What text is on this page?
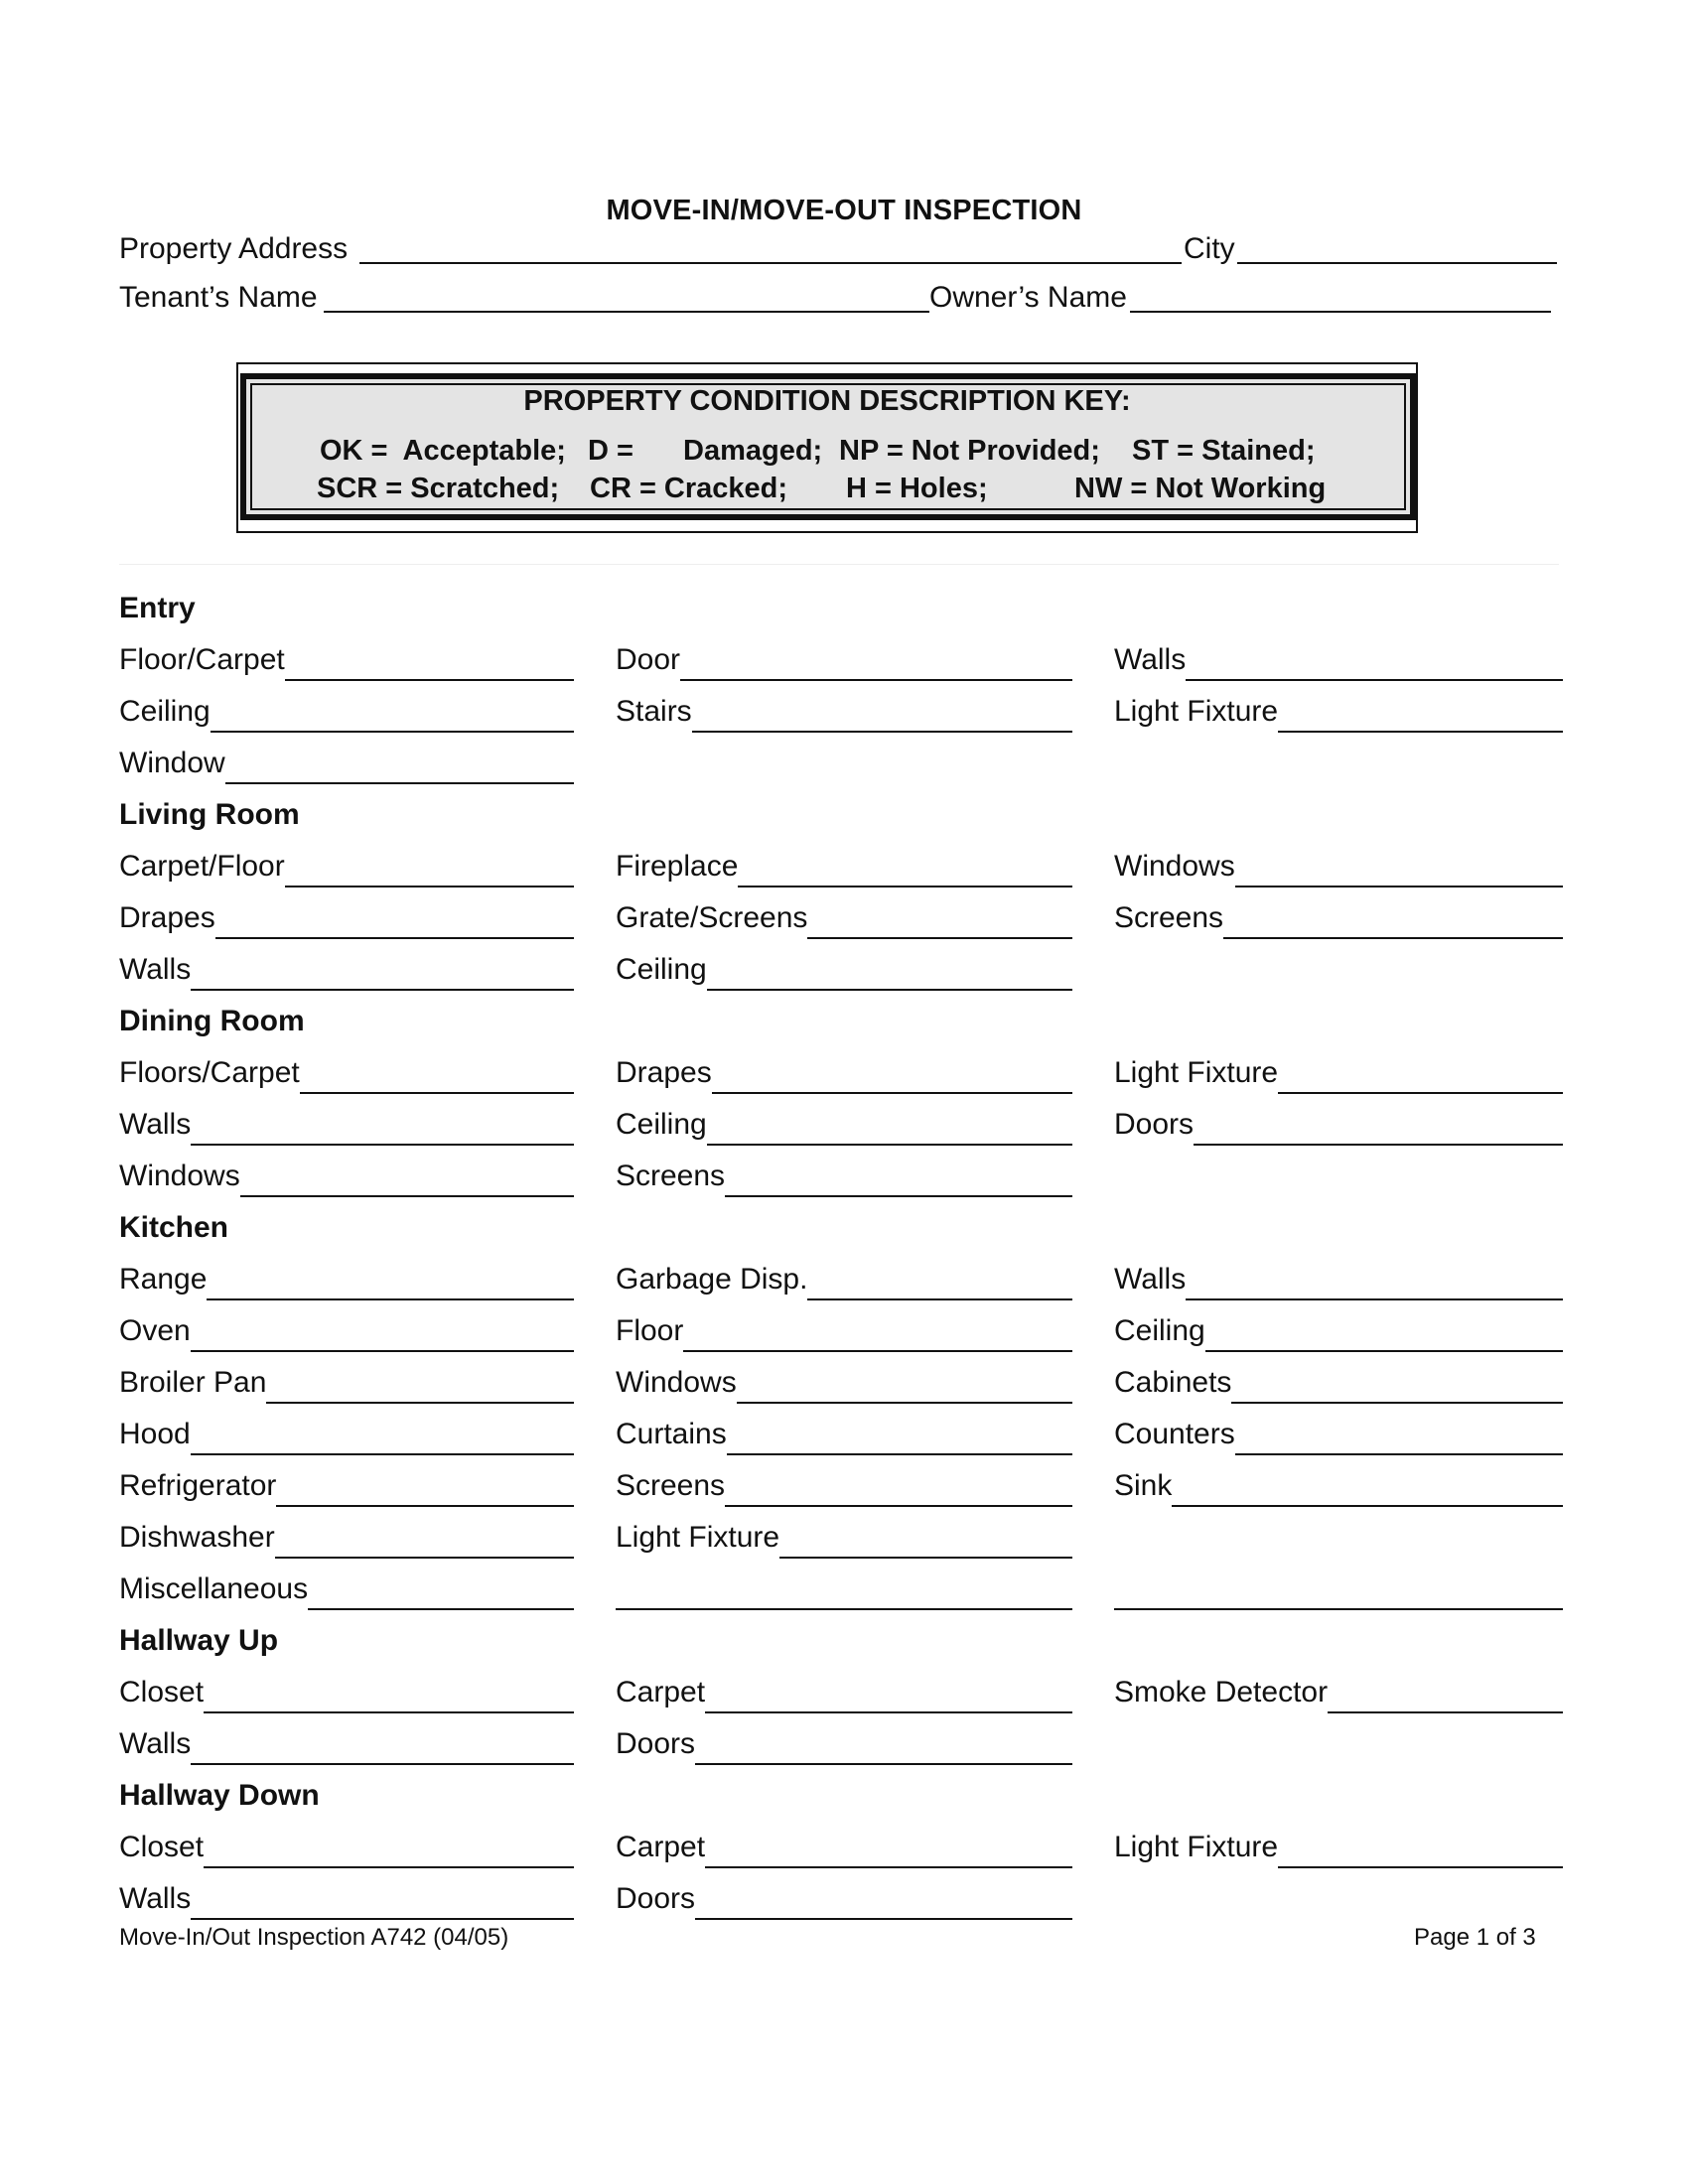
MOVE-IN/MOVE-OUT INSPECTION
Property Address	City
Tenant’s Name	Owner’s Name
PROPERTY CONDITION DESCRIPTION KEY:
OK =  Acceptable; D = Damaged; NP = Not Provided; ST = Stained;
SCR = Scratched; CR = Cracked; H = Holes;	NW = Not Working
Entry
Floor/Carpet	Door	Walls
Ceiling	Stairs	Light Fixture
Window
Living Room
Carpet/Floor	Fireplace	Windows
Drapes	Grate/Screens	Screens
Walls	Ceiling
Dining Room
Floors/Carpet	Drapes	Light Fixture
Walls	Ceiling	Doors
Windows	Screens
Kitchen
Range	Garbage Disp.	Walls
Oven	Floor	Ceiling
Broiler Pan	Windows	Cabinets
Hood	Curtains	Counters
Refrigerator	Screens	Sink
Dishwasher	Light Fixture
Miscellaneous
Hallway Up
Closet	Carpet	Smoke Detector
Walls	Doors
Hallway Down
Closet	Carpet	Light Fixture
Walls	Doors
Move-In/Out Inspection A742 (04/05)	Page 1 of 3
